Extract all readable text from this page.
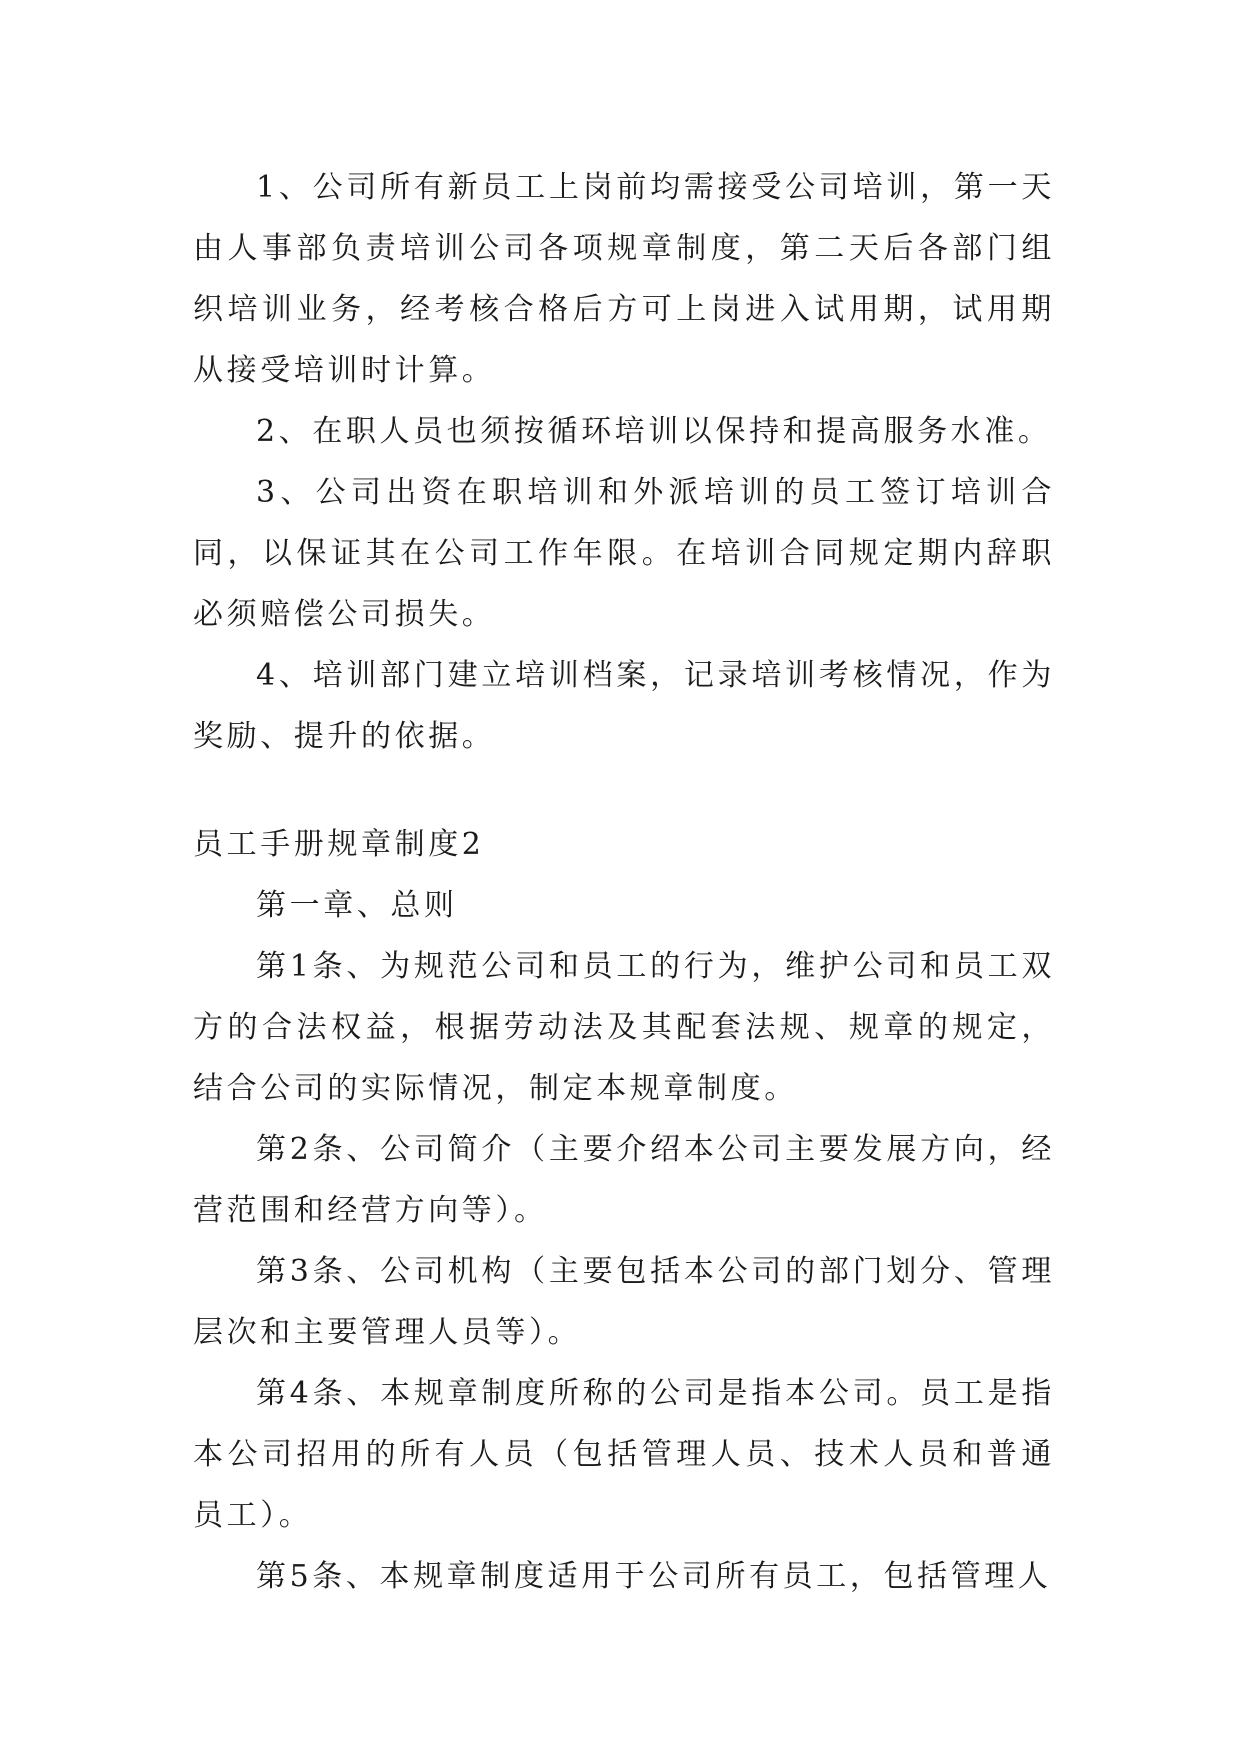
1、公司所有新员工上岗前均需接受公司培训，第一天由人事部负责培训公司各项规章制度，第二天后各部门组织培训业务，经考核合格后方可上岗进入试用期，试用期从接受培训时计算。

2、在职人员也须按循环培训以保持和提高服务水准。

3、公司出资在职培训和外派培训的员工签订培训合同，以保证其在公司工作年限。在培训合同规定期内辞职必须赔偿公司损失。

4、培训部门建立培训档案，记录培训考核情况，作为奖励、提升的依据。

员工手册规章制度2

第一章、总则

第1条、为规范公司和员工的行为，维护公司和员工双方的合法权益，根据劳动法及其配套法规、规章的规定，结合公司的实际情况，制定本规章制度。

第2条、公司简介（主要介绍本公司主要发展方向，经营范围和经营方向等）。

第3条、公司机构（主要包括本公司的部门划分、管理层次和主要管理人员等）。

第4条、本规章制度所称的公司是指本公司。员工是指本公司招用的所有人员（包括管理人员、技术人员和普通员工）。

第5条、本规章制度适用于公司所有员工，包括管理人
